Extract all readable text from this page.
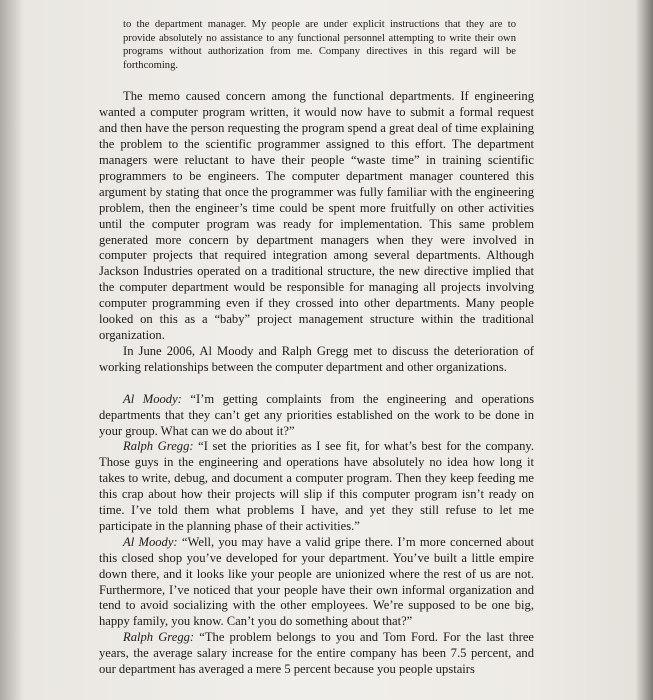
to the department manager. My people are under explicit instructions that they are to provide absolutely no assistance to any functional personnel attempting to write their own programs without authorization from me. Company directives in this regard will be forthcoming.

The memo caused concern among the functional departments. If engineering wanted a computer program written, it would now have to submit a formal request and then have the person requesting the program spend a great deal of time explaining the problem to the scientific programmer assigned to this effort. The department managers were reluctant to have their people “waste time” in training scientific programmers to be engineers. The computer department manager countered this argument by stating that once the programmer was fully familiar with the engineering problem, then the engineer’s time could be spent more fruitfully on other activities until the computer program was ready for implementation. This same problem generated more concern by department managers when they were involved in computer projects that required integration among several departments. Although Jackson Industries operated on a traditional structure, the new directive implied that the computer department would be responsible for managing all projects involving computer programming even if they crossed into other departments. Many people looked on this as a “baby” project management structure within the traditional organization.

In June 2006, Al Moody and Ralph Gregg met to discuss the deterioration of working relationships between the computer department and other organizations.

Al Moody: “I’m getting complaints from the engineering and operations departments that they can’t get any priorities established on the work to be done in your group. What can we do about it?”

Ralph Gregg: “I set the priorities as I see fit, for what’s best for the company. Those guys in the engineering and operations have absolutely no idea how long it takes to write, debug, and document a computer program. Then they keep feeding me this crap about how their projects will slip if this computer program isn’t ready on time. I’ve told them what problems I have, and yet they still refuse to let me participate in the planning phase of their activities.”

Al Moody: “Well, you may have a valid gripe there. I’m more concerned about this closed shop you’ve developed for your department. You’ve built a little empire down there, and it looks like your people are unionized where the rest of us are not. Furthermore, I’ve noticed that your people have their own informal organization and tend to avoid socializing with the other employees. We’re supposed to be one big, happy family, you know. Can’t you do something about that?”

Ralph Gregg: “The problem belongs to you and Tom Ford. For the last three years, the average salary increase for the entire company has been 7.5 percent, and our department has averaged a mere 5 percent because you people upstairs
